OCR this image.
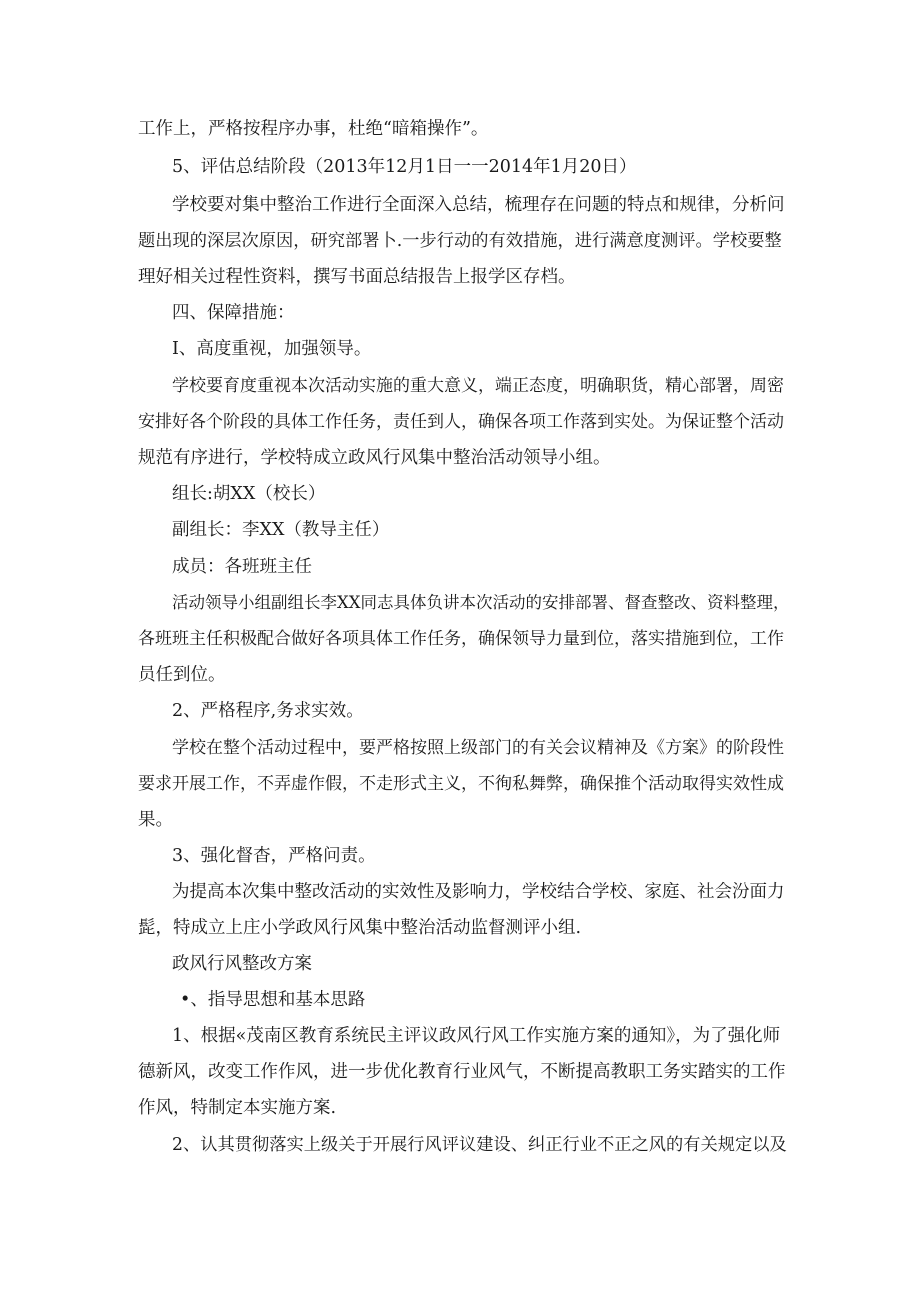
工作上，严格按程序办事，杜绝“暗箱操作”。
5、评估总结阶段（2013年12月1日一一2014年1月20日）
学校要对集中整治工作进行全面深入总结，梳理存在问题的特点和规律，分析问
题出现的深层次原因，研究部署卜.一步行动的有效措施，进行满意度测评。学校要整
理好相关过程性资料，撰写书面总结报告上报学区存档。
四、保障措施：
I、高度重视，加强领导。
学校要育度重视本次活动实施的重大意义，端正态度，明确职货，精心部署，周密
安排好各个阶段的具体工作任务，责任到人，确保各项工作落到实处。为保证整个活动
规范有序进行，学校特成立政风行风集中整治活动领导小组。
组长:胡XX（校长）
副组长：李XX（教导主任）
成员：各班班主任
活动领导小组副组长李XX同志具体负讲本次活动的安排部署、督查整改、资料整理，
各班班主任积极配合做好各项具体工作任务，确保领导力量到位，落实措施到位，工作
员任到位。
2、严格程序,务求实效。
学校在整个活动过程中，要严格按照上级部门的有关会议精神及《方案》的阶段性
要求开展工作，不弄虚作假，不走形式主义，不徇私舞弊，确保推个活动取得实效性成
果。
3、强化督杳，严格问责。
为提高本次集中整改活动的实效性及影响力，学校结合学校、家庭、社会汾面力
髭，特成立上庄小学政风行风集中整治活动监督测评小组.
政风行风整改方案
•、指导思想和基本思路
1、根据«茂南区教育系统民主评议政风行风工作实施方案的通知》，为了强化师
德新风，改变工作作风，进一步优化教育行业风气，不断提高教职工务实踏实的工作
作风，特制定本实施方案.
2、认其贯彻落实上级关于开展行风评议建设、纠正行业不正之风的有关规定以及
